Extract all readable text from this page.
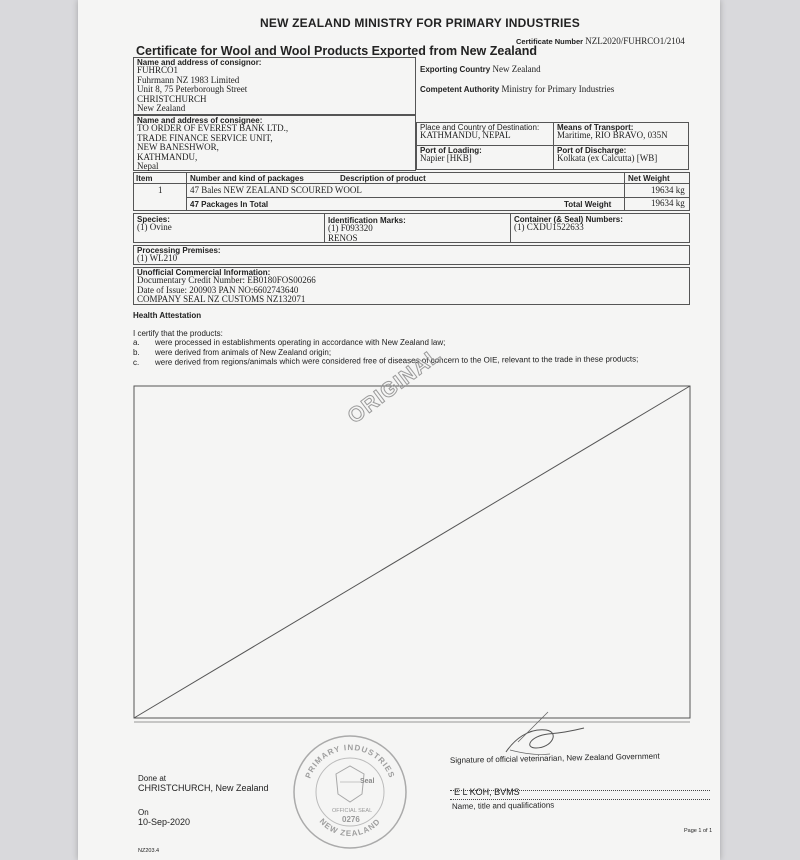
NEW ZEALAND MINISTRY FOR PRIMARY INDUSTRIES
Certificate Number NZL2020/FUHRCO1/2104
Certificate for Wool and Wool Products Exported from New Zealand
Name and address of consignor:
FUHRCO1
Fuhrmann NZ 1983 Limited
Unit 8, 75 Peterborough Street
CHRISTCHURCH
New Zealand
Exporting Country New Zealand
Competent Authority Ministry for Primary Industries
Name and address of consignee:
TO ORDER OF EVEREST BANK LTD.,
TRADE FINANCE SERVICE UNIT,
NEW BANESHWOR,
KATHMANDU,
Nepal
Place and Country of Destination:
KATHMANDU, NEPAL
Means of Transport:
Maritime, RIO BRAVO, 035N
Port of Loading:
Napier [HKB]
Port of Discharge:
Kolkata (ex Calcutta) [WB]
Item	Number and kind of packages	Description of product	Net Weight
1	47 Bales NEW ZEALAND SCOURED WOOL	19634 kg
47 Packages In Total	Total Weight	19634 kg
Species:
(1) Ovine
Identification Marks:
(1) F093320
RENOS
Container (& Seal) Numbers:
(1) CXDU1522633
Processing Premises:
(1) WL210
Unofficial Commercial Information:
Documentary Credit Number: EB0180FOS00266
Date of Issue: 200903 PAN NO:6602743640
COMPANY SEAL NZ CUSTOMS NZ132071
Health Attestation
I certify that the products:
a. were processed in establishments operating in accordance with New Zealand law;
b. were derived from animals of New Zealand origin;
c. were derived from regions/animals which were considered free of diseases of concern to the OIE, relevant to the trade in these products;
ORIGINAL
PRIMARY INDUSTRIES
NEW ZEALAND
Seal
OFFICIAL SEAL
0276
Signature of official veterinarian, New Zealand Government
E L KOH, BVMS
Name, title and qualifications
Done at
CHRISTCHURCH, New Zealand
On
10-Sep-2020
Page 1 of 1
NZ203.4
